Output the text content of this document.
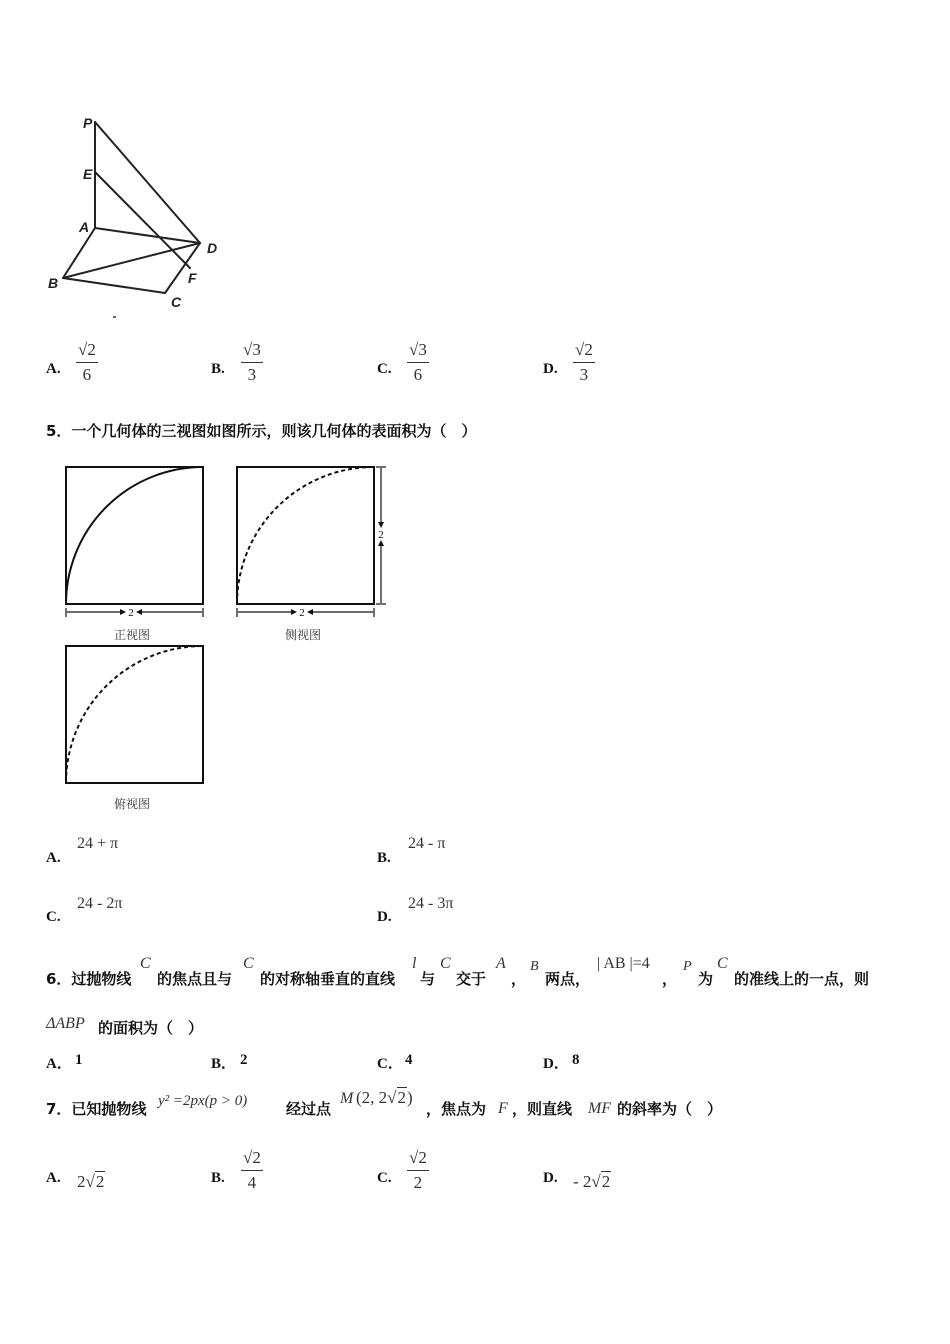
P
E
A
D
B	F
C
A. $\frac{√2}{6}$	B. $\frac{√3}{3}$	C. $\frac{√3}{6}$	D. $\frac{√2}{3}$
5．一个几何体的三视图如图所示，则该几何体的表面积为（　）
2
正视图
2
2
侧视图
俯视图
A.
24 + π
B.
24 - π
C.
24 - 2π
D.
24 - 3π
6．过抛物线
C
的焦点且与
C
的对称轴垂直的直线
l
与
C
交于
A
，
B
两点，
| AB |=4
，
P
为
C
的准线上的一点，则
ΔABP 的面积为（　）
A． 1	B． 2	C． 4	D． 8
7．已知抛物线 y² =2px(p > 0)	经过点
M (2, 2√2)
，焦点为 F ，则直线 MF 的斜率为（　）
A. 2√2	B. $\frac{√2}{4}$	C. $\frac{√2}{2}$	D. - 2√2
